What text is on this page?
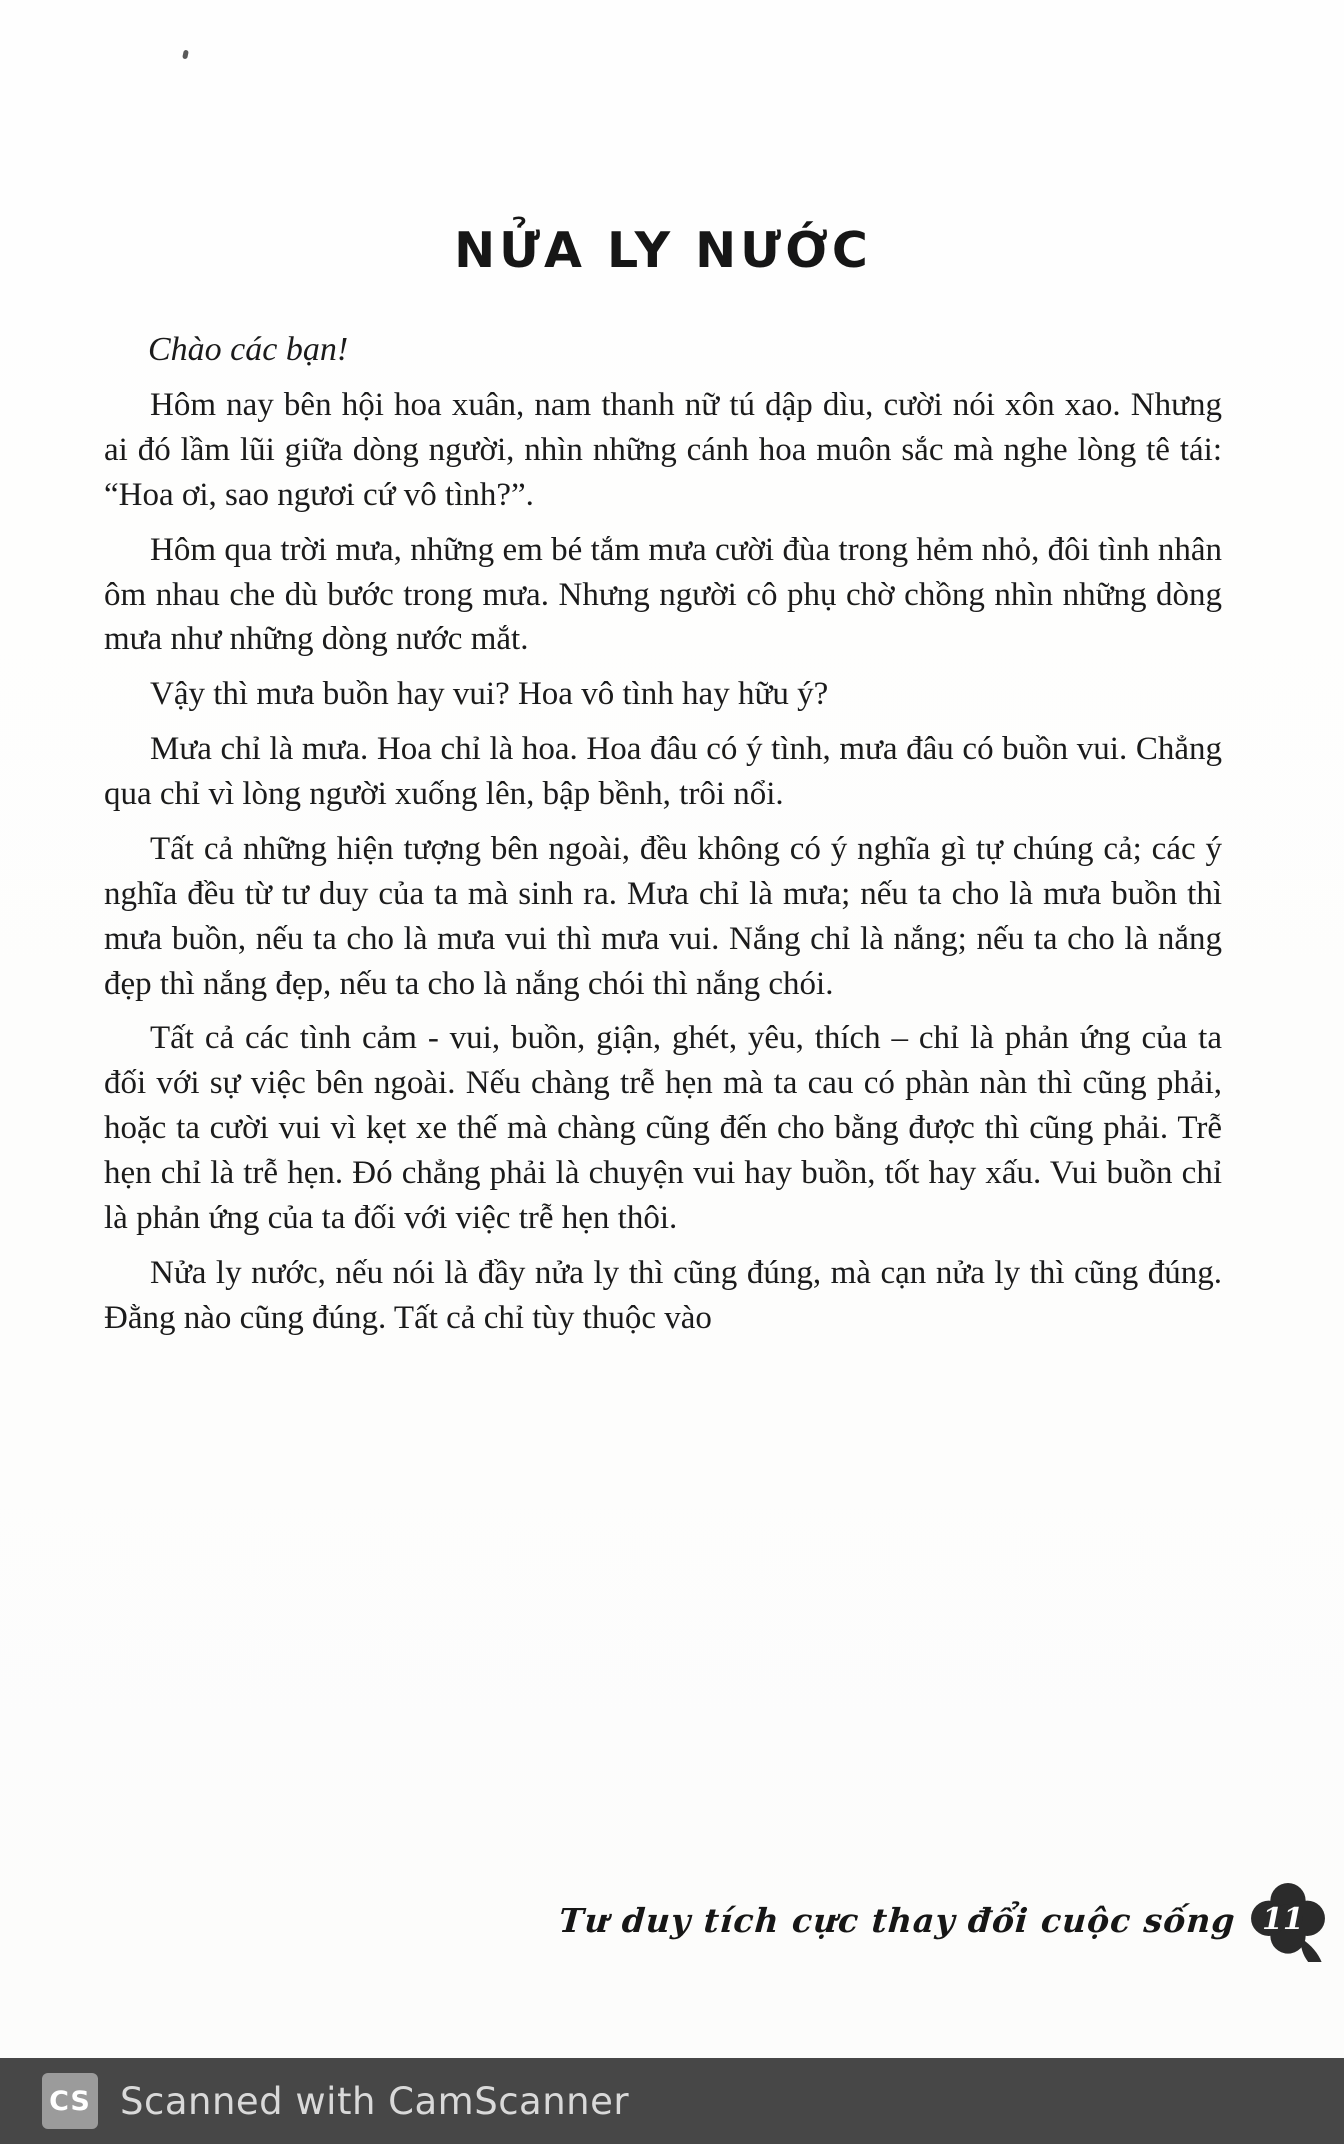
NỬA LY NƯỚC

Chào các bạn!

Hôm nay bên hội hoa xuân, nam thanh nữ tú dập dìu, cười nói xôn xao. Nhưng ai đó lầm lũi giữa dòng người, nhìn những cánh hoa muôn sắc mà nghe lòng tê tái: “Hoa ơi, sao ngươi cứ vô tình?”.

Hôm qua trời mưa, những em bé tắm mưa cười đùa trong hẻm nhỏ, đôi tình nhân ôm nhau che dù bước trong mưa. Nhưng người cô phụ chờ chồng nhìn những dòng mưa như những dòng nước mắt.

Vậy thì mưa buồn hay vui? Hoa vô tình hay hữu ý?

Mưa chỉ là mưa. Hoa chỉ là hoa. Hoa đâu có ý tình, mưa đâu có buồn vui. Chẳng qua chỉ vì lòng người xuống lên, bập bềnh, trôi nổi.

Tất cả những hiện tượng bên ngoài, đều không có ý nghĩa gì tự chúng cả; các ý nghĩa đều từ tư duy của ta mà sinh ra. Mưa chỉ là mưa; nếu ta cho là mưa buồn thì mưa buồn, nếu ta cho là mưa vui thì mưa vui. Nắng chỉ là nắng; nếu ta cho là nắng đẹp thì nắng đẹp, nếu ta cho là nắng chói thì nắng chói.

Tất cả các tình cảm - vui, buồn, giận, ghét, yêu, thích – chỉ là phản ứng của ta đối với sự việc bên ngoài. Nếu chàng trễ hẹn mà ta cau có phàn nàn thì cũng phải, hoặc ta cười vui vì kẹt xe thế mà chàng cũng đến cho bằng được thì cũng phải. Trễ hẹn chỉ là trễ hẹn. Đó chẳng phải là chuyện vui hay buồn, tốt hay xấu. Vui buồn chỉ là phản ứng của ta đối với việc trễ hẹn thôi.

Nửa ly nước, nếu nói là đầy nửa ly thì cũng đúng, mà cạn nửa ly thì cũng đúng. Đằng nào cũng đúng. Tất cả chỉ tùy thuộc vào

Tư duy tích cực thay đổi cuộc sống 11
CS Scanned with CamScanner
